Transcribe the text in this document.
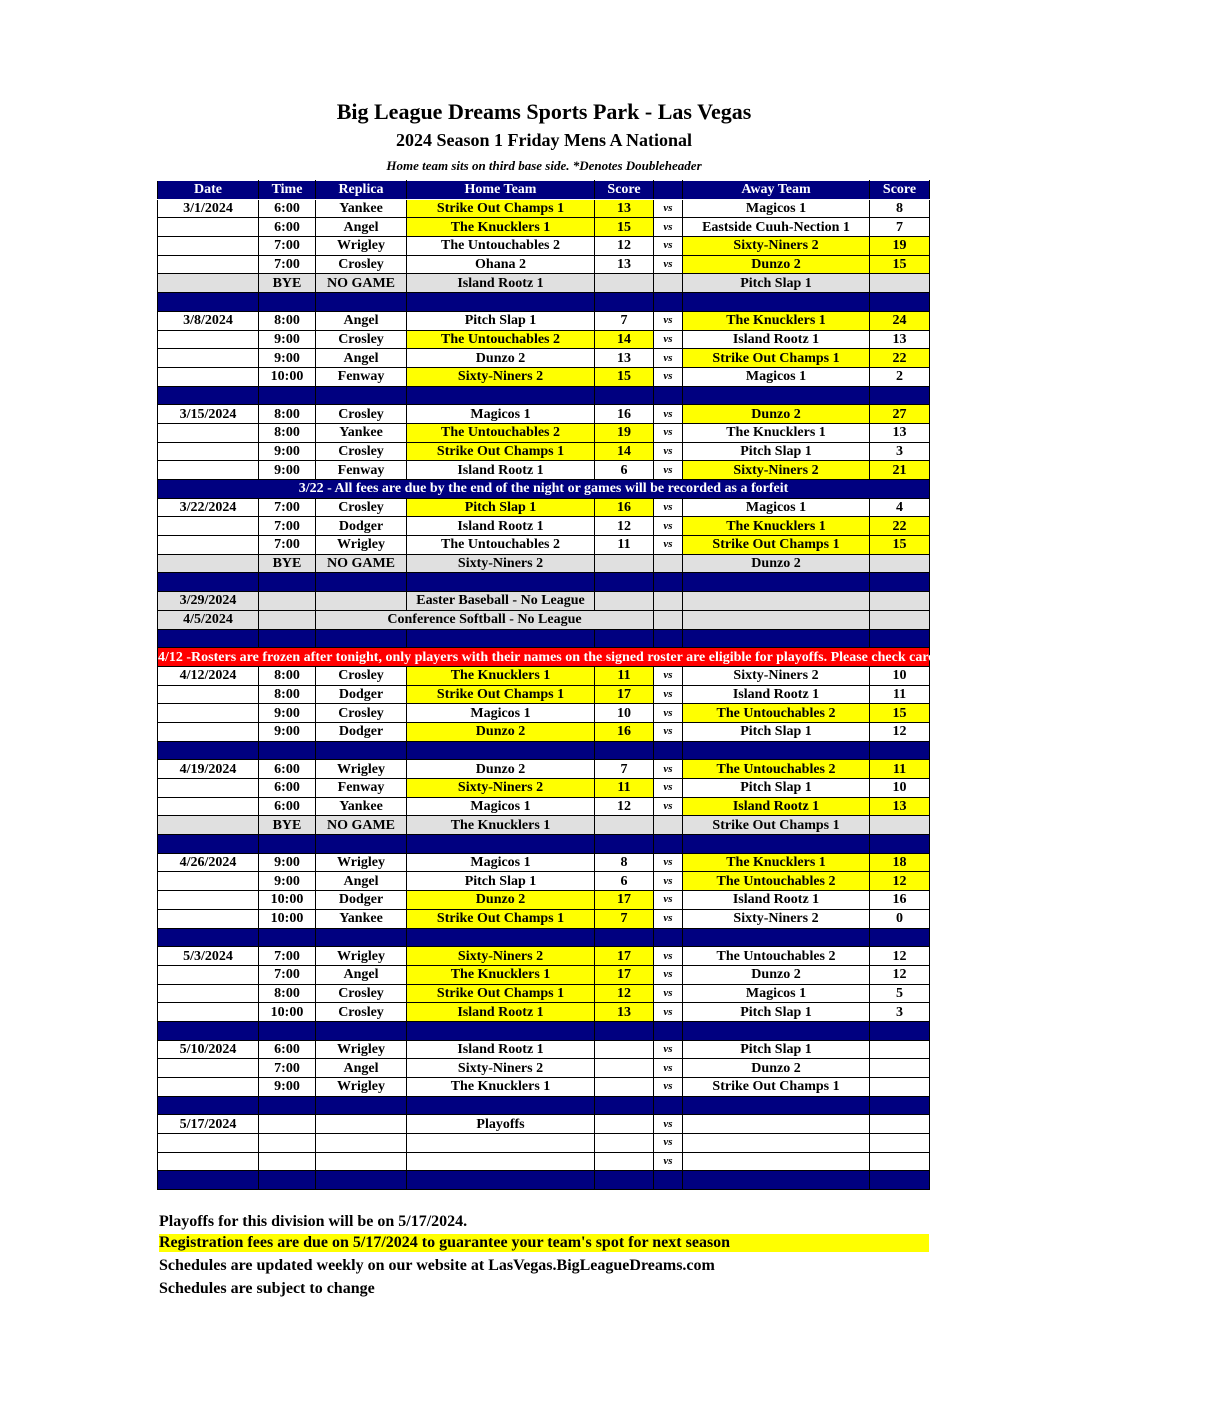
Big League Dreams Sports Park - Las Vegas
2024 Season 1 Friday Mens A National
Home team sits on third base side. *Denotes Doubleheader
Date	Time	Replica	Home Team	Score		Away Team	Score
3/1/2024	6:00	Yankee	Strike Out Champs 1	13	vs	Magicos 1	8
	6:00	Angel	The Knucklers 1	15	vs	Eastside Cuuh-Nection 1	7
	7:00	Wrigley	The Untouchables 2	12	vs	Sixty-Niners 2	19
	7:00	Crosley	Ohana 2	13	vs	Dunzo 2	15
	BYE	NO GAME	Island Rootz 1			Pitch Slap 1	

3/8/2024	8:00	Angel	Pitch Slap 1	7	vs	The Knucklers 1	24
	9:00	Crosley	The Untouchables 2	14	vs	Island Rootz 1	13
	9:00	Angel	Dunzo 2	13	vs	Strike Out Champs 1	22
	10:00	Fenway	Sixty-Niners 2	15	vs	Magicos 1	2

3/15/2024	8:00	Crosley	Magicos 1	16	vs	Dunzo 2	27
	8:00	Yankee	The Untouchables 2	19	vs	The Knucklers 1	13
	9:00	Crosley	Strike Out Champs 1	14	vs	Pitch Slap 1	3
	9:00	Fenway	Island Rootz 1	6	vs	Sixty-Niners 2	21
3/22 - All fees are due by the end of the night or games will be recorded as a forfeit							
3/22/2024	7:00	Crosley	Pitch Slap 1	16	vs	Magicos 1	4
	7:00	Dodger	Island Rootz 1	12	vs	The Knucklers 1	22
	7:00	Wrigley	The Untouchables 2	11	vs	Strike Out Champs 1	15
	BYE	NO GAME	Sixty-Niners 2			Dunzo 2	

3/29/2024			Easter Baseball - No League				
4/5/2024		Conference Softball - No League					

4/12 -Rosters are frozen after tonight, only players with their names on the signed roster are eligible for playoffs. Please check carefully as changes will not be made for omissions.							
4/12/2024	8:00	Crosley	The Knucklers 1	11	vs	Sixty-Niners 2	10
	8:00	Dodger	Strike Out Champs 1	17	vs	Island Rootz 1	11
	9:00	Crosley	Magicos 1	10	vs	The Untouchables 2	15
	9:00	Dodger	Dunzo 2	16	vs	Pitch Slap 1	12

4/19/2024	6:00	Wrigley	Dunzo 2	7	vs	The Untouchables 2	11
	6:00	Fenway	Sixty-Niners 2	11	vs	Pitch Slap 1	10
	6:00	Yankee	Magicos 1	12	vs	Island Rootz 1	13
	BYE	NO GAME	The Knucklers 1			Strike Out Champs 1	

4/26/2024	9:00	Wrigley	Magicos 1	8	vs	The Knucklers 1	18
	9:00	Angel	Pitch Slap 1	6	vs	The Untouchables 2	12
	10:00	Dodger	Dunzo 2	17	vs	Island Rootz 1	16
	10:00	Yankee	Strike Out Champs 1	7	vs	Sixty-Niners 2	0

5/3/2024	7:00	Wrigley	Sixty-Niners 2	17	vs	The Untouchables 2	12
	7:00	Angel	The Knucklers 1	17	vs	Dunzo 2	12
	8:00	Crosley	Strike Out Champs 1	12	vs	Magicos 1	5
	10:00	Crosley	Island Rootz 1	13	vs	Pitch Slap 1	3

5/10/2024	6:00	Wrigley	Island Rootz 1		vs	Pitch Slap 1	
	7:00	Angel	Sixty-Niners 2		vs	Dunzo 2	
	9:00	Wrigley	The Knucklers 1		vs	Strike Out Champs 1	

5/17/2024			Playoffs		vs		
					vs		
					vs		

Playoffs for this division will be on 5/17/2024.
Registration fees are due on 5/17/2024 to guarantee your team's spot for next season
Schedules are updated weekly on our website at LasVegas.BigLeagueDreams.com
Schedules are subject to change
